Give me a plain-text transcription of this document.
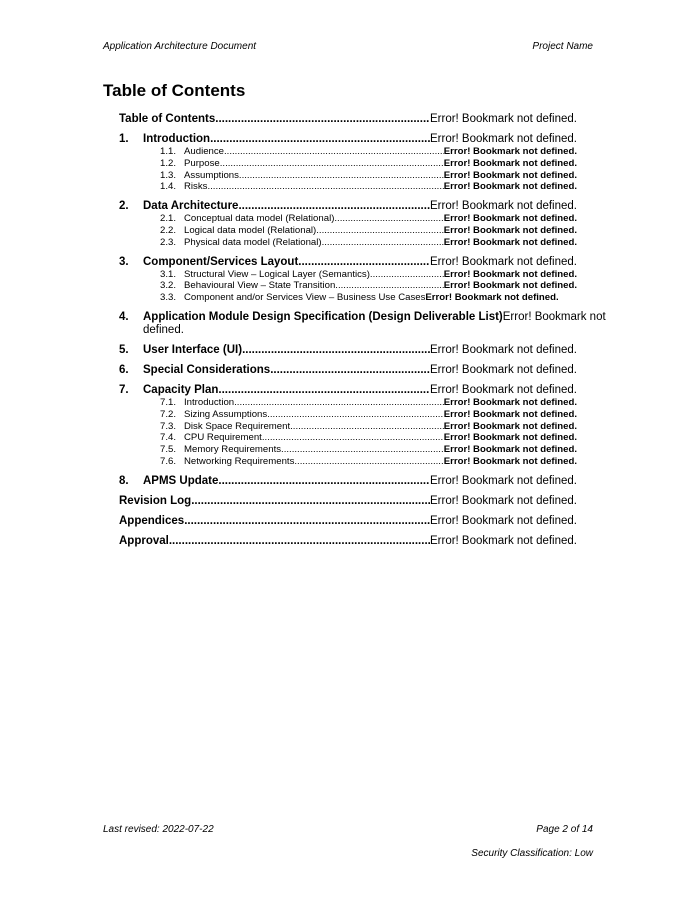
Application Architecture Document	Project Name
Table of Contents
Table of Contents .....	Error! Bookmark not defined.
1.	Introduction .....	Error! Bookmark not defined.
1.1. Audience .....	Error! Bookmark not defined.
1.2. Purpose .....	Error! Bookmark not defined.
1.3. Assumptions .....	Error! Bookmark not defined.
1.4. Risks .....	Error! Bookmark not defined.
2.	Data Architecture .....	Error! Bookmark not defined.
2.1. Conceptual data model (Relational) .....	Error! Bookmark not defined.
2.2. Logical data model (Relational) .....	Error! Bookmark not defined.
2.3. Physical data model (Relational) .....	Error! Bookmark not defined.
3.	Component/Services Layout .....	Error! Bookmark not defined.
3.1. Structural View – Logical Layer (Semantics) .....	Error! Bookmark not defined.
3.2. Behavioural View – State Transition .....	Error! Bookmark not defined.
3.3. Component and/or Services View – Business Use Cases Error! Bookmark not defined.
4. Application Module Design Specification (Design Deliverable List)Error! Bookmark not defined.
5.	User Interface (UI) .....	Error! Bookmark not defined.
6.	Special Considerations .....	Error! Bookmark not defined.
7.	Capacity Plan .....	Error! Bookmark not defined.
7.1. Introduction .....	Error! Bookmark not defined.
7.2. Sizing Assumptions .....	Error! Bookmark not defined.
7.3. Disk Space Requirement .....	Error! Bookmark not defined.
7.4. CPU Requirement .....	Error! Bookmark not defined.
7.5. Memory Requirements .....	Error! Bookmark not defined.
7.6. Networking Requirements .....	Error! Bookmark not defined.
8.	APMS Update .....	Error! Bookmark not defined.
Revision Log .....	Error! Bookmark not defined.
Appendices .....	Error! Bookmark not defined.
Approval .....	Error! Bookmark not defined.
Last revised: 2022-07-22	Page 2 of 14
Security Classification: Low
